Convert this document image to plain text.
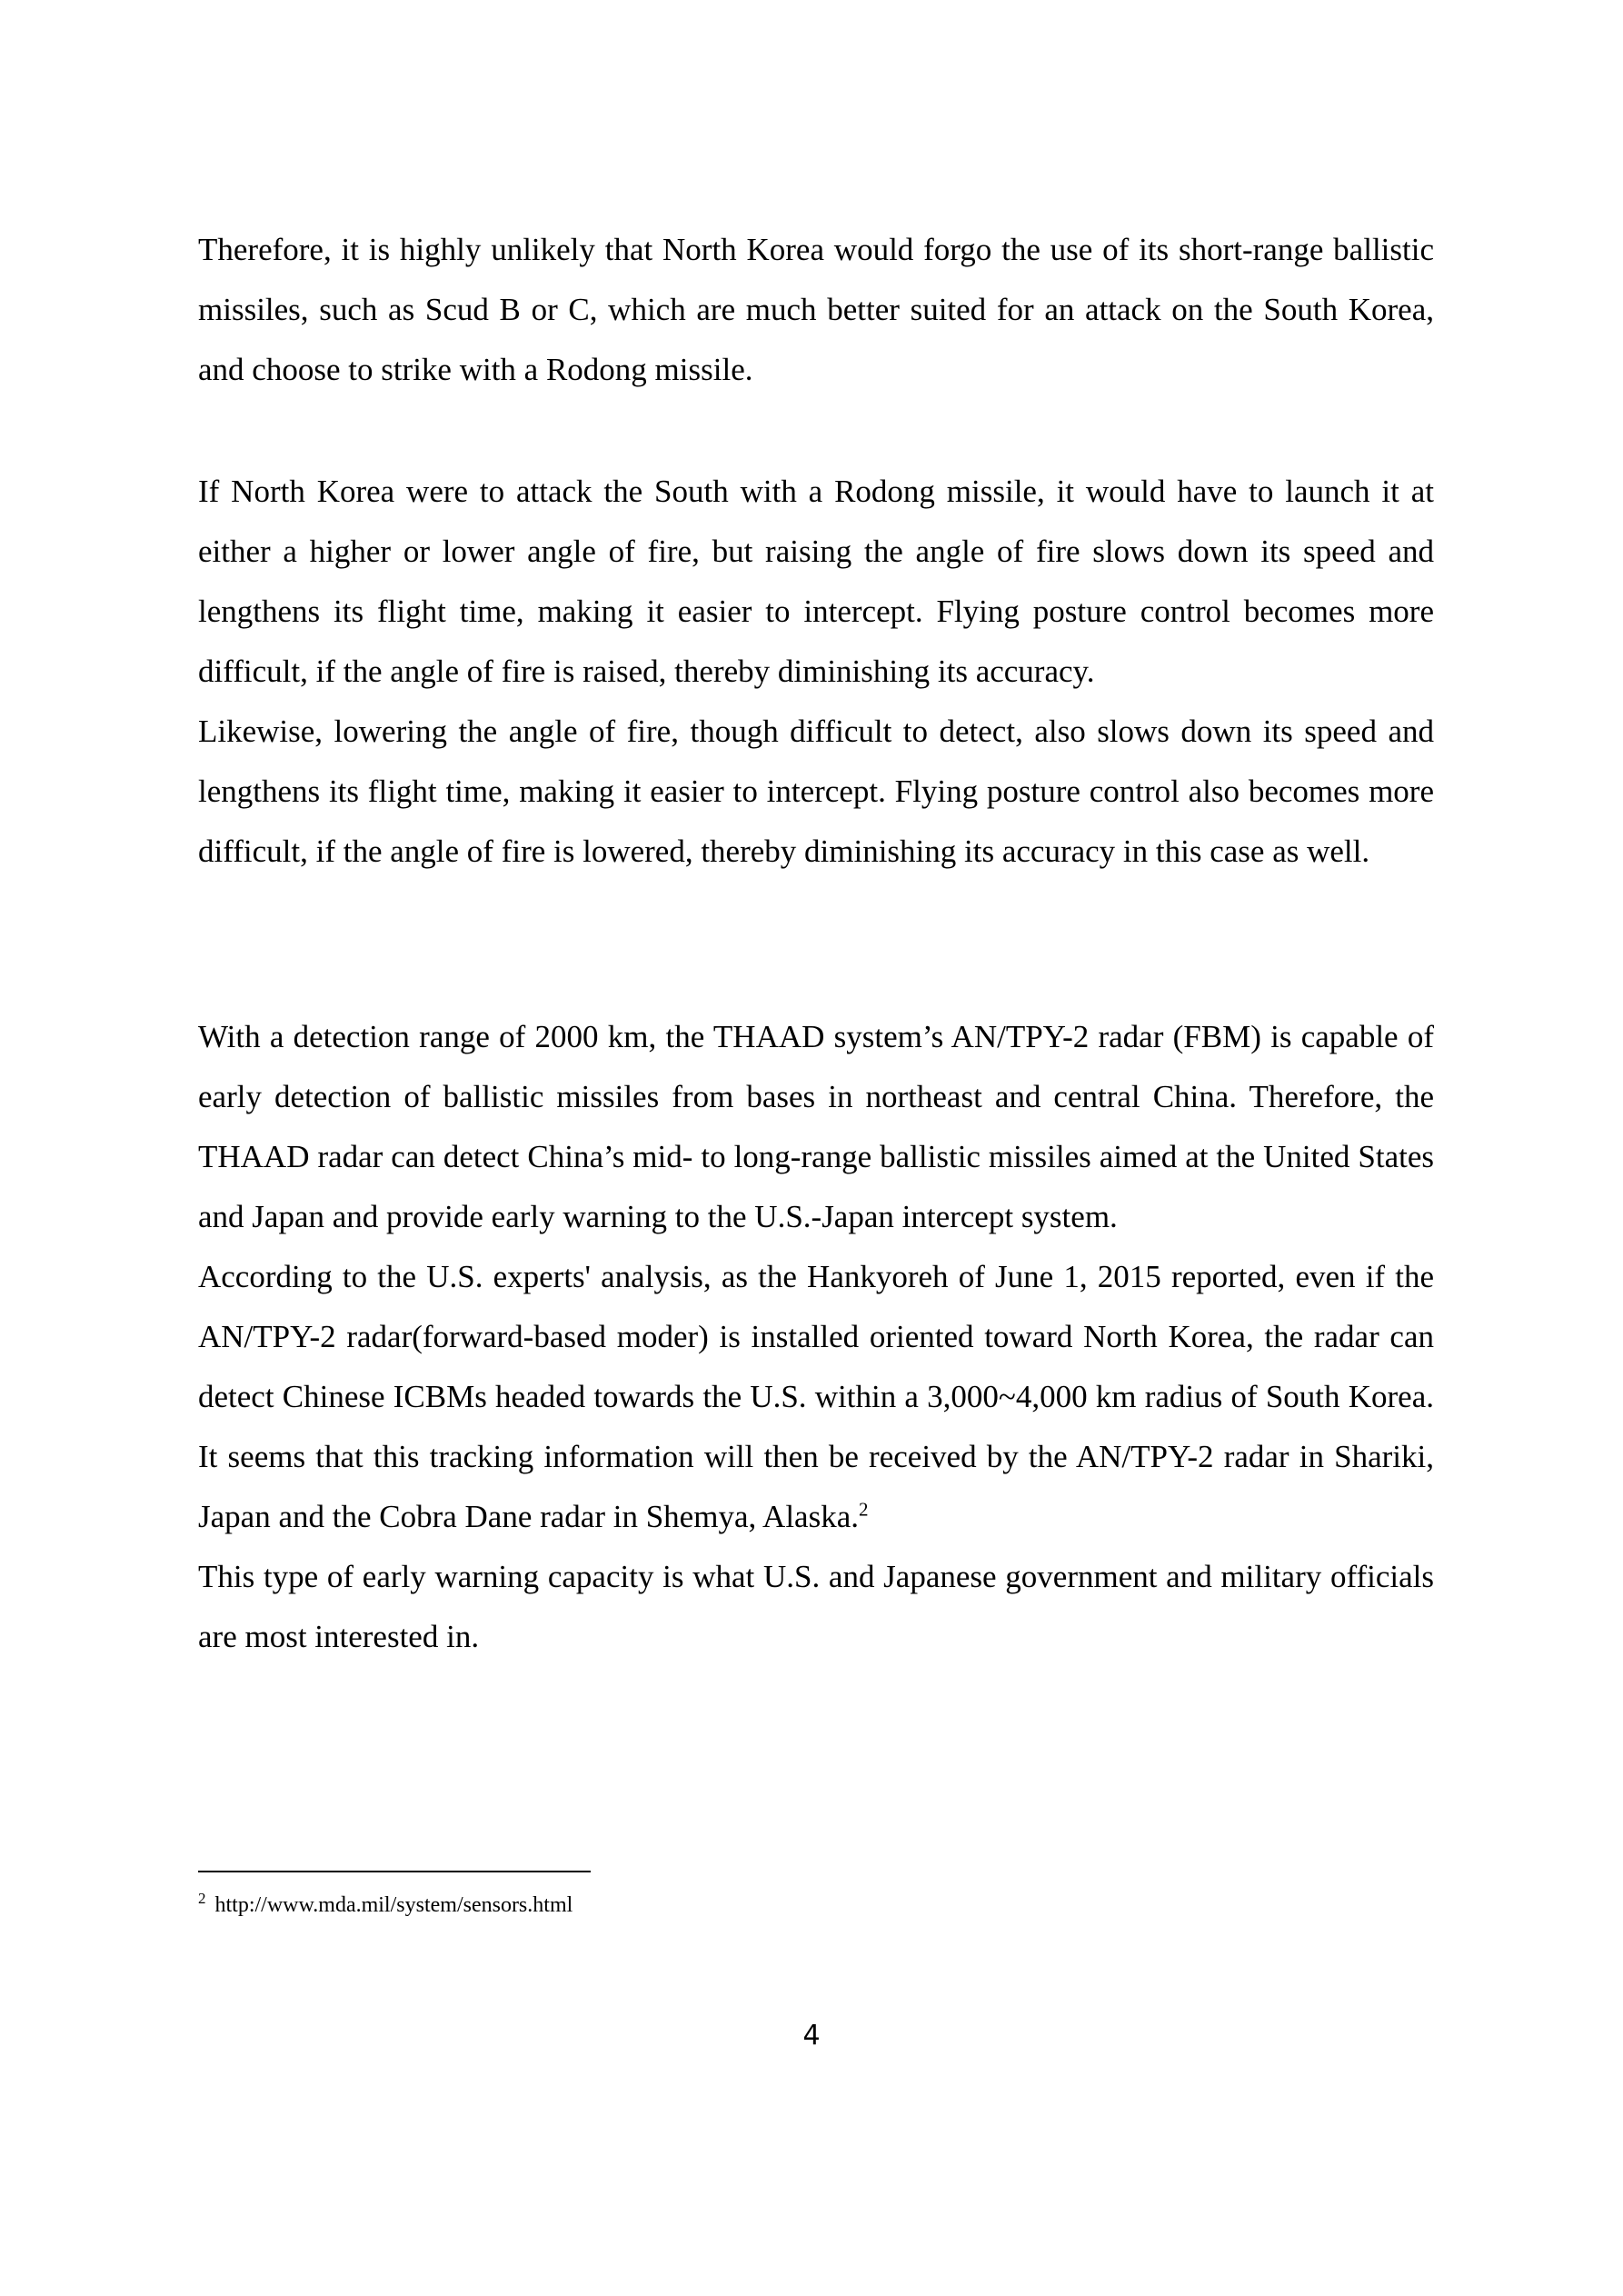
Therefore, it is highly unlikely that North Korea would forgo the use of its short-range ballistic missiles, such as Scud B or C, which are much better suited for an attack on the South Korea, and choose to strike with a Rodong missile.

If North Korea were to attack the South with a Rodong missile, it would have to launch it at either a higher or lower angle of fire, but raising the angle of fire slows down its speed and lengthens its flight time, making it easier to intercept. Flying posture control becomes more difficult, if the angle of fire is raised, thereby diminishing its accuracy.

Likewise, lowering the angle of fire, though difficult to detect, also slows down its speed and lengthens its flight time, making it easier to intercept. Flying posture control also becomes more difficult, if the angle of fire is lowered, thereby diminishing its accuracy in this case as well.

With a detection range of 2000 km, the THAAD system’s AN/TPY-2 radar (FBM) is capable of early detection of ballistic missiles from bases in northeast and central China. Therefore, the THAAD radar can detect China’s mid- to long-range ballistic missiles aimed at the United States and Japan and provide early warning to the U.S.-Japan intercept system.

According to the U.S. experts' analysis, as the Hankyoreh of June 1, 2015 reported, even if the AN/TPY-2 radar(forward-based moder) is installed oriented toward North Korea, the radar can detect Chinese ICBMs headed towards the U.S. within a 3,000~4,000 km radius of South Korea. It seems that this tracking information will then be received by the AN/TPY-2 radar in Shariki, Japan and the Cobra Dane radar in Shemya, Alaska.$^2$

This type of early warning capacity is what U.S. and Japanese government and military officials are most interested in.

$^2$ http://www.mda.mil/system/sensors.html
4
